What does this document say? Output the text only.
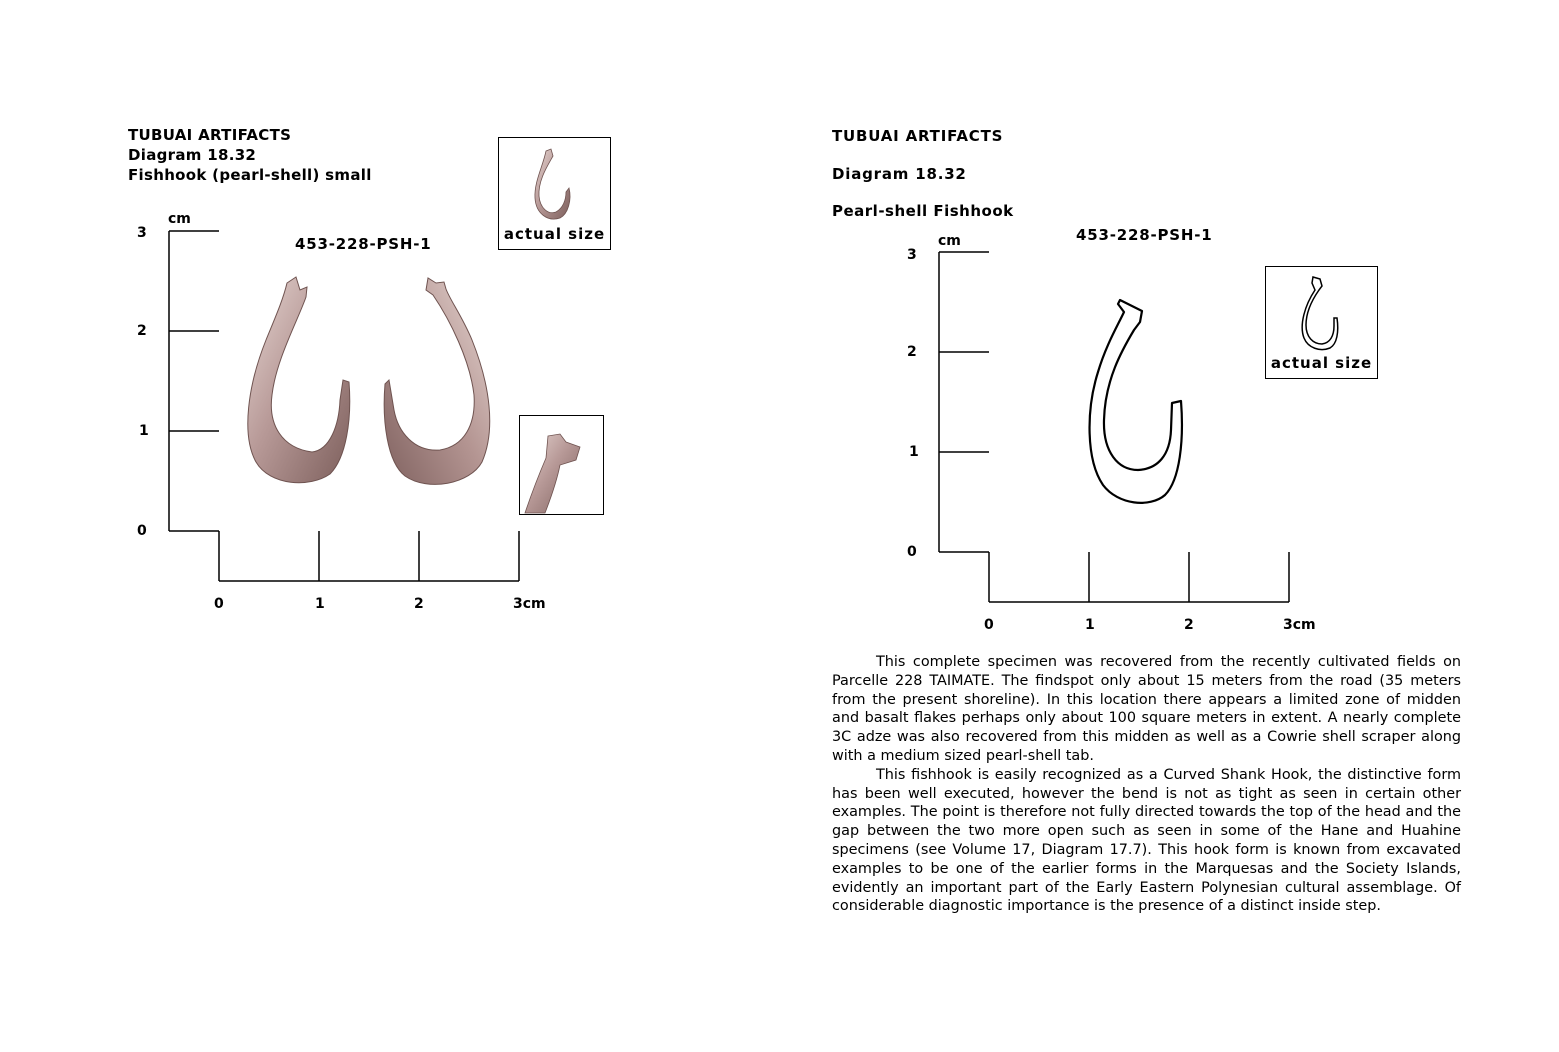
TUBUAI ARTIFACTS
Diagram 18.32
Fishhook (pearl-shell) small
453-228-PSH-1
cm
0
1
2
3
0	1	2	3cm
actual size
TUBUAI ARTIFACTS
Diagram 18.32
Pearl-shell Fishhook
453-228-PSH-1
cm
0
1
2
3
0	1	2	3cm
actual size

This complete specimen was recovered from the recently cultivated fields on Parcelle 228 TAIMATE. The findspot only about 15 meters from the road (35 meters from the present shoreline). In this location there appears a limited zone of midden and basalt flakes perhaps only about 100 square meters in extent. A nearly complete 3C adze was also recovered from this midden as well as a Cowrie shell scraper along with a medium sized pearl-shell tab.

This fishhook is easily recognized as a Curved Shank Hook, the distinctive form has been well executed, however the bend is not as tight as seen in certain other examples. The point is therefore not fully directed towards the top of the head and the gap between the two more open such as seen in some of the Hane and Huahine specimens (see Volume 17, Diagram 17.7). This hook form is known from excavated examples to be one of the earlier forms in the Marquesas and the Society Islands, evidently an important part of the Early Eastern Polynesian cultural assemblage. Of considerable diagnostic importance is the presence of a distinct inside step.
